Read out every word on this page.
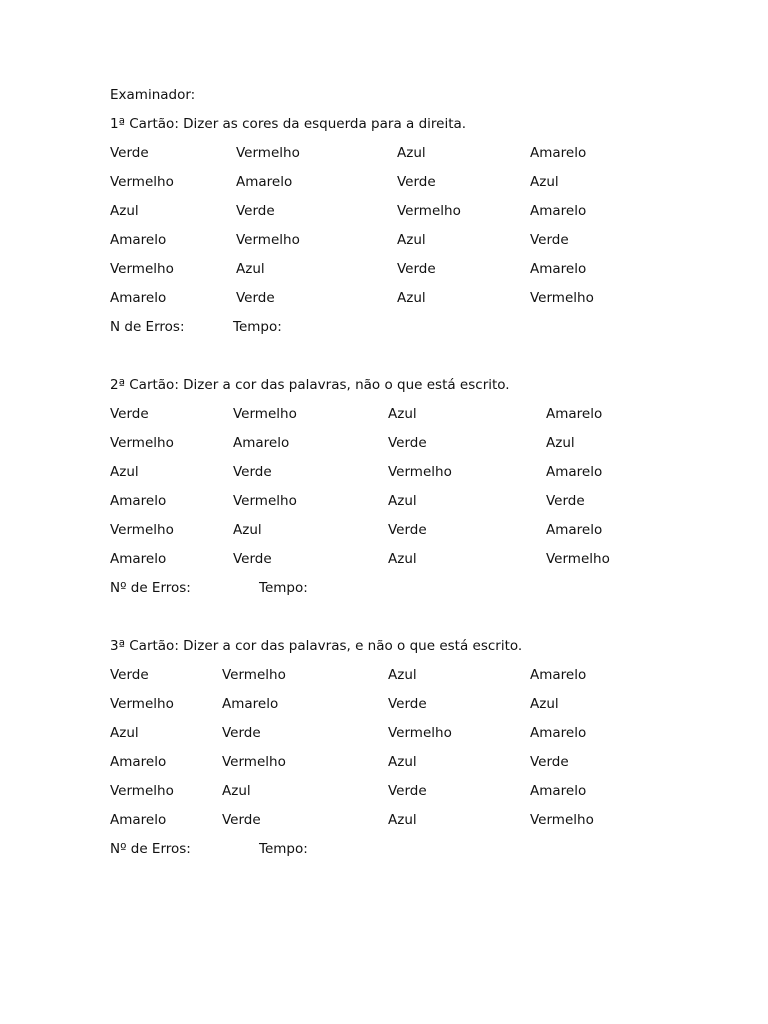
Examinador:
1ª Cartão: Dizer as cores da esquerda para a direita.
Verde	Vermelho	Azul	Amarelo
Vermelho	Amarelo	Verde	Azul
Azul	Verde	Vermelho	Amarelo
Amarelo	Vermelho	Azul	Verde
Vermelho	Azul	Verde	Amarelo
Amarelo	Verde	Azul	Vermelho
N de Erros:	Tempo:
2ª Cartão: Dizer a cor das palavras, não o que está escrito.
Verde	Vermelho	Azul	Amarelo
Vermelho	Amarelo	Verde	Azul
Azul	Verde	Vermelho	Amarelo
Amarelo	Vermelho	Azul	Verde
Vermelho	Azul	Verde	Amarelo
Amarelo	Verde	Azul	Vermelho
Nº de Erros:	Tempo:
3ª Cartão: Dizer a cor das palavras, e não o que está escrito.
Verde	Vermelho	Azul	Amarelo
Vermelho	Amarelo	Verde	Azul
Azul	Verde	Vermelho	Amarelo
Amarelo	Vermelho	Azul	Verde
Vermelho	Azul	Verde	Amarelo
Amarelo	Verde	Azul	Vermelho
Nº de Erros:	Tempo:
